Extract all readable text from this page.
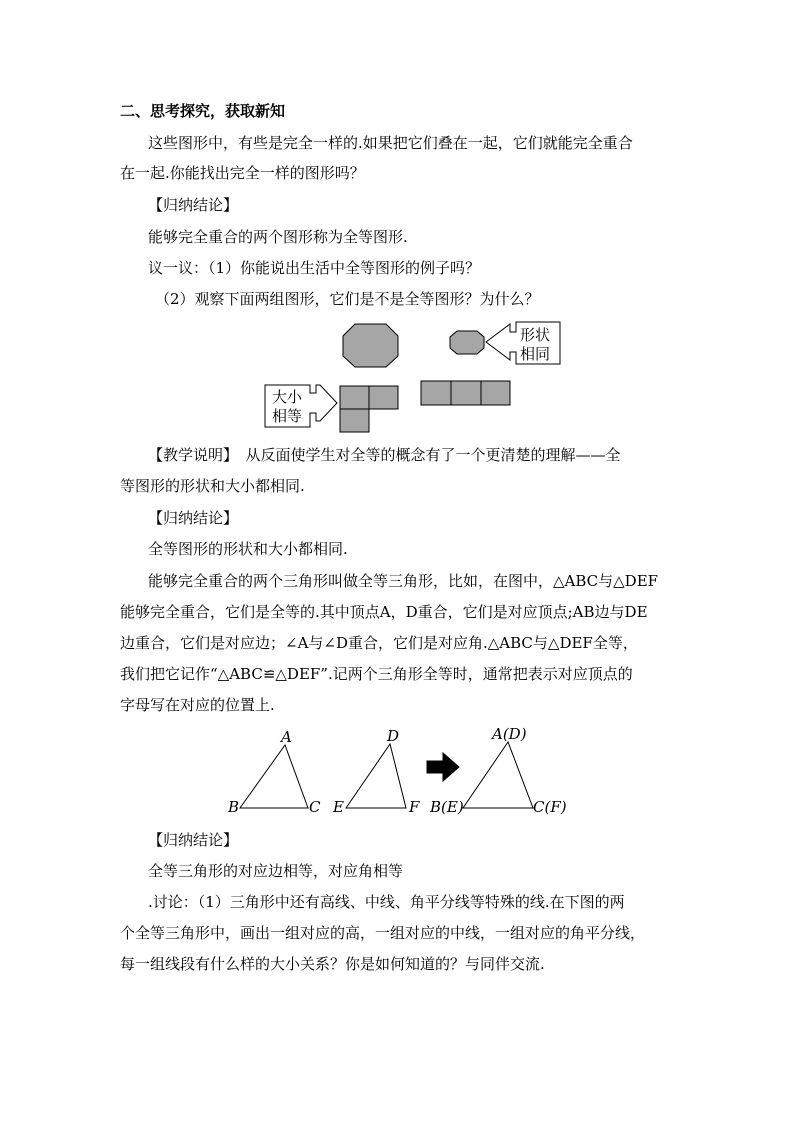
二、思考探究，获取新知
这些图形中，有些是完全一样的.如果把它们叠在一起，它们就能完全重合
在一起.你能找出完全一样的图形吗？
【归纳结论】
能够完全重合的两个图形称为全等图形.
议一议：（1）你能说出生活中全等图形的例子吗？
（2）观察下面两组图形，它们是不是全等图形？为什么？
形状
相同
大小
相等
【教学说明】　从反面使学生对全等的概念有了一个更清楚的理解——全
等图形的形状和大小都相同.
【归纳结论】
全等图形的形状和大小都相同.
能够完全重合的两个三角形叫做全等三角形，比如，在图中，△ABC与△DEF
能够完全重合，它们是全等的.其中顶点A，D重合，它们是对应顶点;AB边与DE
边重合，它们是对应边；∠A与∠D重合，它们是对应角.△ABC与△DEF全等，
我们把它记作“△ABC≌△DEF”.记两个三角形全等时，通常把表示对应顶点的
字母写在对应的位置上.
A
B	C
D
E	F
A(D)
B(E)	C(F)
【归纳结论】
全等三角形的对应边相等，对应角相等
.讨论：（1）三角形中还有高线、中线、角平分线等特殊的线.在下图的两
个全等三角形中，画出一组对应的高，一组对应的中线，一组对应的角平分线，
每一组线段有什么样的大小关系？你是如何知道的？与同伴交流.
